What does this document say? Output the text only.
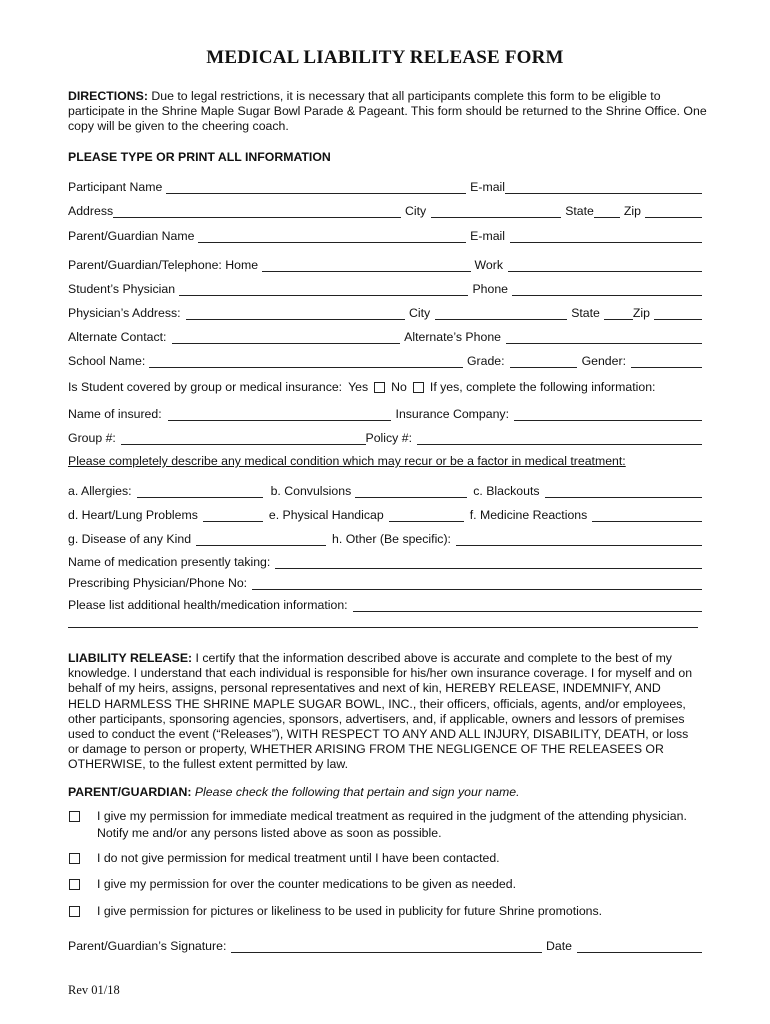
MEDICAL LIABILITY RELEASE FORM
DIRECTIONS: Due to legal restrictions, it is necessary that all participants complete this form to be eligible to participate in the Shrine Maple Sugar Bowl Parade & Pageant. This form should be returned to the Shrine Office. One copy will be given to the cheering coach.
PLEASE TYPE OR PRINT ALL INFORMATION
Participant Name	E-mail
Address	City	State Zip
Parent/Guardian Name	E-mail
Parent/Guardian/Telephone: Home	Work
Student’s Physician	Phone
Physician’s Address:	City	State	Zip
Alternate Contact:	Alternate’s Phone
School Name:	Grade:	Gender:
Is Student covered by group or medical insurance: Yes No If yes, complete the following information:
Name of insured:	Insurance Company:
Group #:	Policy #:
Please completely describe any medical condition which may recur or be a factor in medical treatment:
a. Allergies:	b. Convulsions	c. Blackouts
d. Heart/Lung Problems	e. Physical Handicap	f. Medicine Reactions
g. Disease of any Kind	h. Other (Be specific):
Name of medication presently taking:
Prescribing Physician/Phone No:
Please list additional health/medication information:
LIABILITY RELEASE: I certify that the information described above is accurate and complete to the best of my knowledge. I understand that each individual is responsible for his/her own insurance coverage. I for myself and on behalf of my heirs, assigns, personal representatives and next of kin, HEREBY RELEASE, INDEMNIFY, AND HELD HARMLESS THE SHRINE MAPLE SUGAR BOWL, INC., their officers, officials, agents, and/or employees, other participants, sponsoring agencies, sponsors, advertisers, and, if applicable, owners and lessors of premises used to conduct the event (“Releases”), WITH RESPECT TO ANY AND ALL INJURY, DISABILITY, DEATH, or loss or damage to person or property, WHETHER ARISING FROM THE NEGLIGENCE OF THE RELEASEES OR OTHERWISE, to the fullest extent permitted by law.
PARENT/GUARDIAN: Please check the following that pertain and sign your name.
I give my permission for immediate medical treatment as required in the judgment of the attending physician. Notify me and/or any persons listed above as soon as possible.
I do not give permission for medical treatment until I have been contacted.
I give my permission for over the counter medications to be given as needed.
I give permission for pictures or likeliness to be used in publicity for future Shrine promotions.
Parent/Guardian’s Signature:	Date
Rev 01/18
